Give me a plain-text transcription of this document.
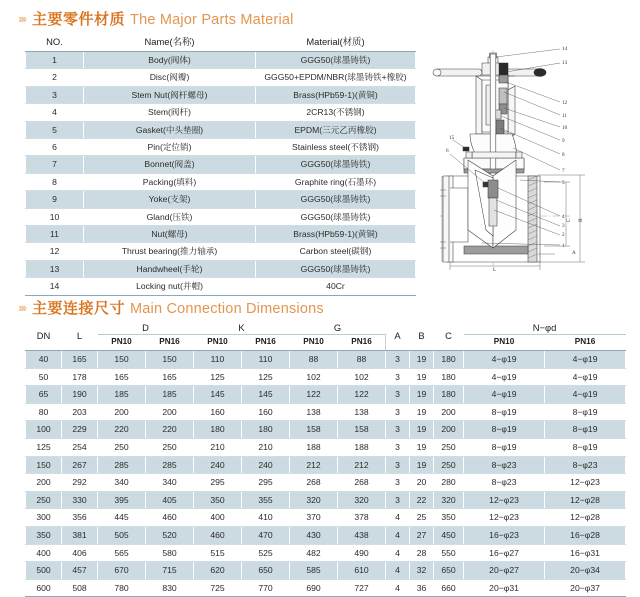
››› 主要零件材质 The Major Parts Material
NO.	Name(名称)	Material(材质)
1	Body(阀体)	GGG50(球墨铸铁)
2	Disc(阀瓣)	GGG50+EPDM/NBR(球墨铸铁+橡胶)
3	Stem Nut(阀杆螺母)	Brass(HPb59-1)(黄铜)
4	Stem(阀杆)	2CR13(不锈钢)
5	Gasket(中头垫圈)	EPDM(三元乙丙橡胶)
6	Pin(定位销)	Stainless steel(不锈钢)
7	Bonnet(阀盖)	GGG50(球墨铸铁)
8	Packing(填料)	Graphite ring(石墨环)
9	Yoke(支架)	GGG50(球墨铸铁)
10	Gland(压铁)	GGG50(球墨铸铁)
11	Nut(螺母)	Brass(HPb59-1)(黄铜)
12	Thrust bearing(推力轴承)	Carbon steel(碳钢)
13	Handwheel(手轮)	GGG50(球墨铸铁)
14	Locking nut(并帽)	40Cr
14
13
12
11
10
9
8
7
5
4
3
2
1
15
6
A
B
C
L
››› 主要连接尺寸 Main Connection Dimensions
DN	L	D		K		G		A	B	C	N−φd	
		PN10	PN16	PN10	PN16	PN10	PN16				PN10	PN16
40	165	150	150	110	110	88	88	3	19	180	4−φ19	4−φ19
50	178	165	165	125	125	102	102	3	19	180	4−φ19	4−φ19
65	190	185	185	145	145	122	122	3	19	180	4−φ19	4−φ19
80	203	200	200	160	160	138	138	3	19	200	8−φ19	8−φ19
100	229	220	220	180	180	158	158	3	19	200	8−φ19	8−φ19
125	254	250	250	210	210	188	188	3	19	250	8−φ19	8−φ19
150	267	285	285	240	240	212	212	3	19	250	8−φ23	8−φ23
200	292	340	340	295	295	268	268	3	20	280	8−φ23	12−φ23
250	330	395	405	350	355	320	320	3	22	320	12−φ23	12−φ28
300	356	445	460	400	410	370	378	4	25	350	12−φ23	12−φ28
350	381	505	520	460	470	430	438	4	27	450	16−φ23	16−φ28
400	406	565	580	515	525	482	490	4	28	550	16−φ27	16−φ31
500	457	670	715	620	650	585	610	4	32	650	20−φ27	20−φ34
600	508	780	830	725	770	690	727	4	36	660	20−φ31	20−φ37
